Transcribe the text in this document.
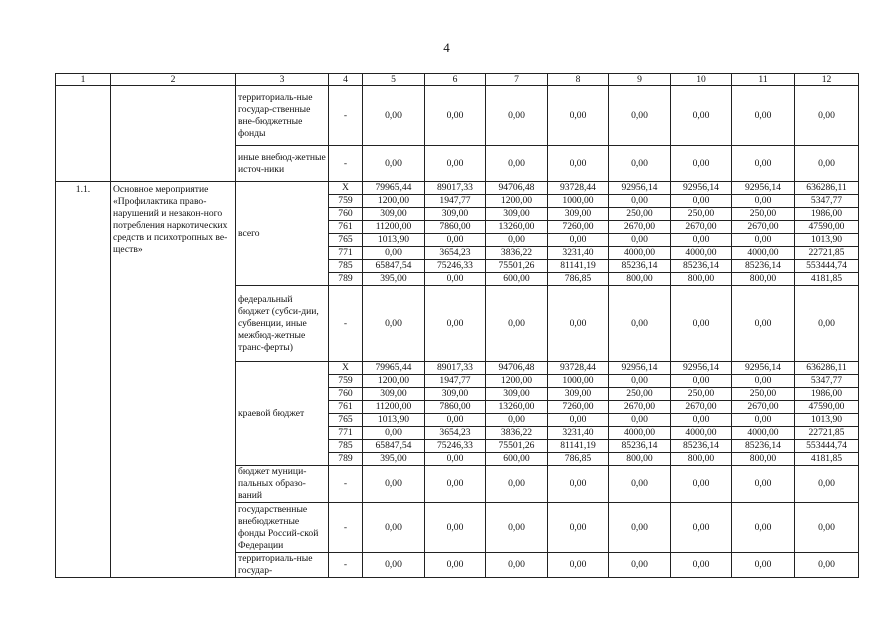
4
1	2	3	4	5	6	7	8	9	10	11	12
		территориаль-ные государ-ственные вне-бюджетные фонды	-	0,00	0,00	0,00	0,00	0,00	0,00	0,00	0,00
		иные внебюд-жетные источ-ники	-	0,00	0,00	0,00	0,00	0,00	0,00	0,00	0,00
1.1.	Основное мероприятие «Профилактика право-нарушений и незакон-ного потребления наркотических средств и психотропных ве-ществ»	всего	X	79965,44	89017,33	94706,48	93728,44	92956,14	92956,14	92956,14	636286,11
			759	1200,00	1947,77	1200,00	1000,00	0,00	0,00	0,00	5347,77
			760	309,00	309,00	309,00	309,00	250,00	250,00	250,00	1986,00
			761	11200,00	7860,00	13260,00	7260,00	2670,00	2670,00	2670,00	47590,00
			765	1013,90	0,00	0,00	0,00	0,00	0,00	0,00	1013,90
			771	0,00	3654,23	3836,22	3231,40	4000,00	4000,00	4000,00	22721,85
			785	65847,54	75246,33	75501,26	81141,19	85236,14	85236,14	85236,14	553444,74
			789	395,00	0,00	600,00	786,85	800,00	800,00	800,00	4181,85
		федеральный бюджет (субси-дии, субвенции, иные межбюд-жетные транс-ферты)	-	0,00	0,00	0,00	0,00	0,00	0,00	0,00	0,00
		краевой бюджет	X	79965,44	89017,33	94706,48	93728,44	92956,14	92956,14	92956,14	636286,11
			759	1200,00	1947,77	1200,00	1000,00	0,00	0,00	0,00	5347,77
			760	309,00	309,00	309,00	309,00	250,00	250,00	250,00	1986,00
			761	11200,00	7860,00	13260,00	7260,00	2670,00	2670,00	2670,00	47590,00
			765	1013,90	0,00	0,00	0,00	0,00	0,00	0,00	1013,90
			771	0,00	3654,23	3836,22	3231,40	4000,00	4000,00	4000,00	22721,85
			785	65847,54	75246,33	75501,26	81141,19	85236,14	85236,14	85236,14	553444,74
			789	395,00	0,00	600,00	786,85	800,00	800,00	800,00	4181,85
		бюджет муници-пальных образо-ваний	-	0,00	0,00	0,00	0,00	0,00	0,00	0,00	0,00
		государственные внебюджетные фонды Россий-ской Федерации	-	0,00	0,00	0,00	0,00	0,00	0,00	0,00	0,00
		территориаль-ные государ-	-	0,00	0,00	0,00	0,00	0,00	0,00	0,00	0,00
